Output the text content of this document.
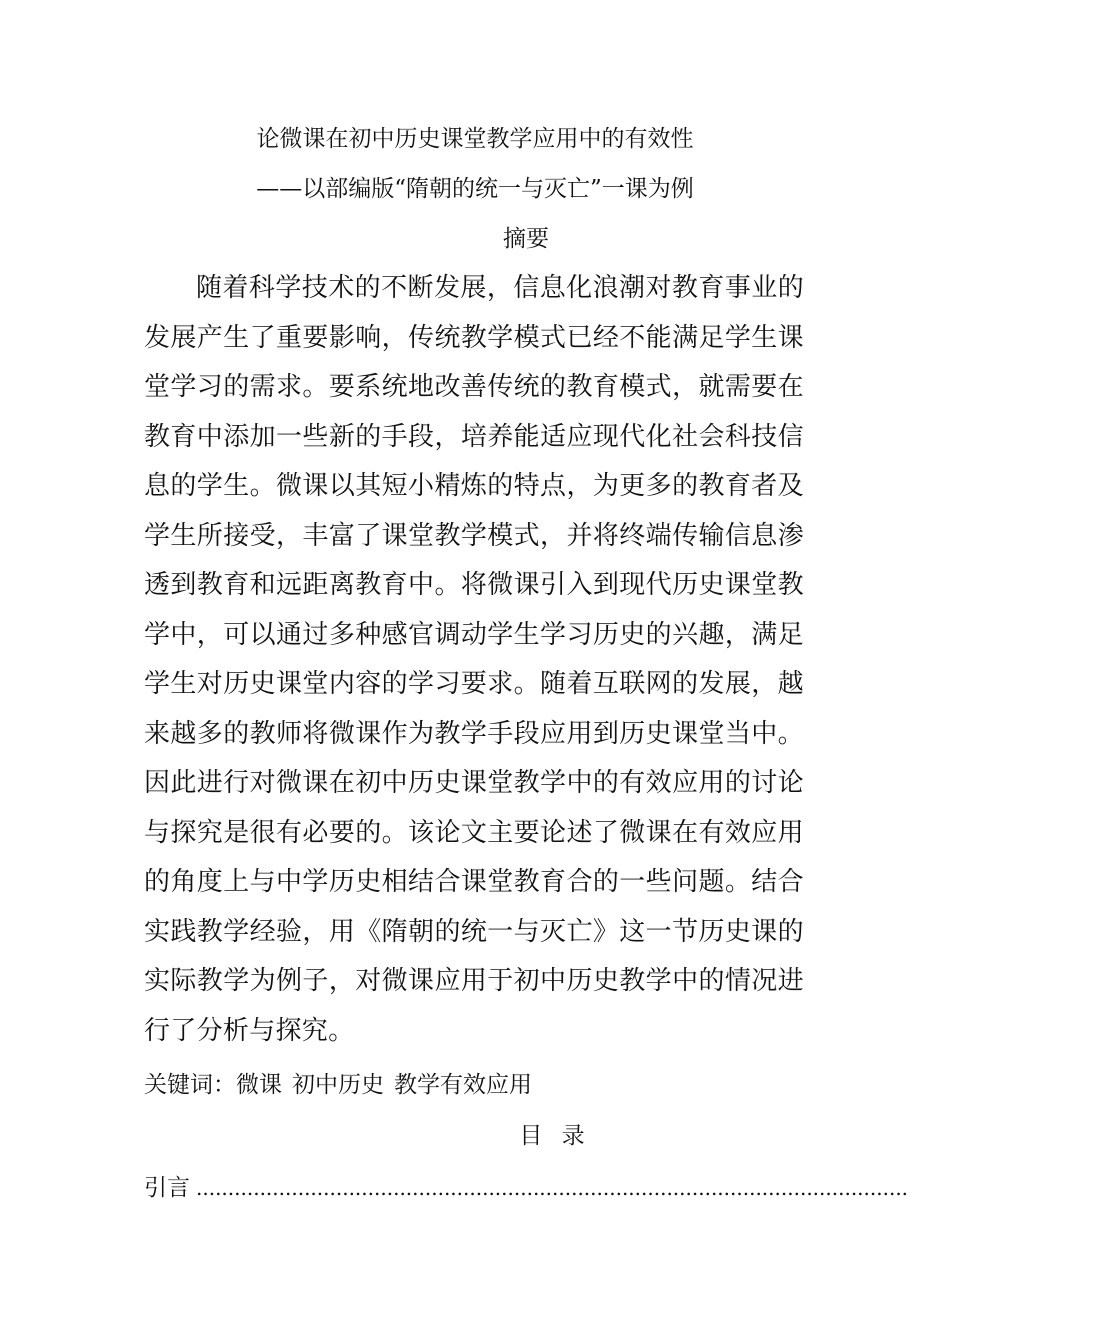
论微课在初中历史课堂教学应用中的有效性
——以部编版“隋朝的统一与灭亡”一课为例
摘要

随着科学技术的不断发展，信息化浪潮对教育事业的发展产生了重要影响，传统教学模式已经不能满足学生课堂学习的需求。要系统地改善传统的教育模式，就需要在教育中添加一些新的手段，培养能适应现代化社会科技信息的学生。微课以其短小精炼的特点，为更多的教育者及学生所接受，丰富了课堂教学模式，并将终端传输信息渗透到教育和远距离教育中。将微课引入到现代历史课堂教学中，可以通过多种感官调动学生学习历史的兴趣，满足学生对历史课堂内容的学习要求。随着互联网的发展，越来越多的教师将微课作为教学手段应用到历史课堂当中。因此进行对微课在初中历史课堂教学中的有效应用的讨论与探究是很有必要的。该论文主要论述了微课在有效应用的角度上与中学历史相结合课堂教育合的一些问题。结合实践教学经验，用《隋朝的统一与灭亡》这一节历史课的实际教学为例子，对微课应用于初中历史教学中的情况进行了分析与探究。

关键词：微课 初中历史 教学有效应用
目 录
引言 ................................................................................................................
